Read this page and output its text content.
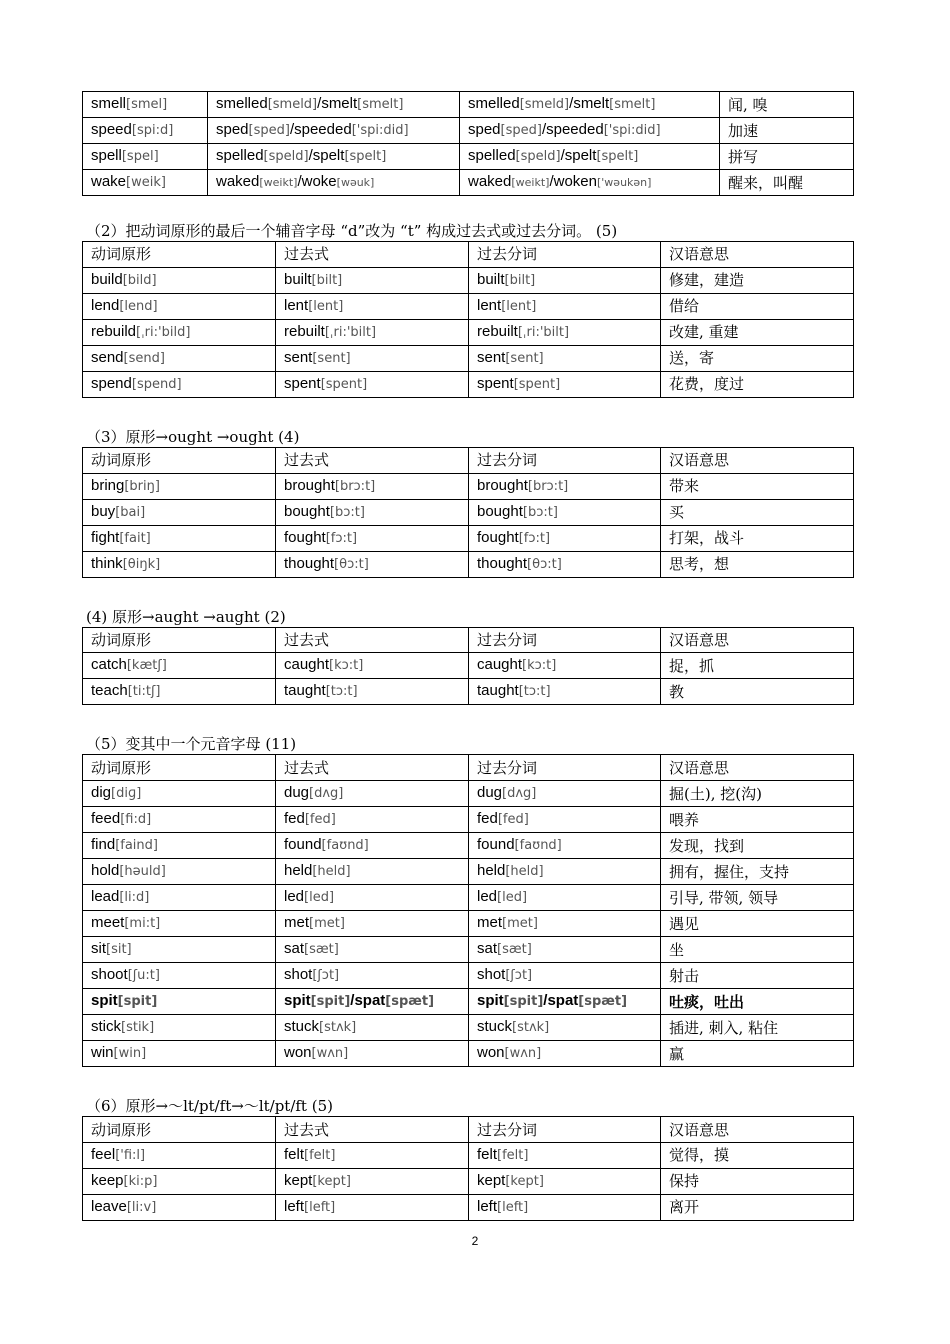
smell[smel]	smelled[smeld]/smelt[smelt]	smelled[smeld]/smelt[smelt]	闻, 嗅
speed[spi:d]	sped[sped]/speeded['spi:did]	sped[sped]/speeded['spi:did]	加速
spell[spel]	spelled[speld]/spelt[spelt]	spelled[speld]/spelt[spelt]	拼写
wake[weik]	waked[weikt]/woke[wəuk]	waked[weikt]/woken['wəukən]	醒来，叫醒

（2）把动词原形的最后一个辅音字母 “d”改为 “t” 构成过去式或过去分词。 (5)

动词原形	过去式	过去分词	汉语意思
build[bild]	built[bilt]	built[bilt]	修建，建造
lend[lend]	lent[lent]	lent[lent]	借给
rebuild[ˌri:'bild]	rebuilt[ˌri:'bilt]	rebuilt[ˌri:'bilt]	改建, 重建
send[send]	sent[sent]	sent[sent]	送，寄
spend[spend]	spent[spent]	spent[spent]	花费，度过

（3）原形→ought →ought (4)

动词原形	过去式	过去分词	汉语意思
bring[briŋ]	brought[brɔ:t]	brought[brɔ:t]	带来
buy[bai]	bought[bɔ:t]	bought[bɔ:t]	买
fight[fait]	fought[fɔ:t]	fought[fɔ:t]	打架，战斗
think[θiŋk]	thought[θɔ:t]	thought[θɔ:t]	思考，想

(4) 原形→aught →aught (2)

动词原形	过去式	过去分词	汉语意思
catch[kætʃ]	caught[kɔ:t]	caught[kɔ:t]	捉，抓
teach[ti:tʃ]	taught[tɔ:t]	taught[tɔ:t]	教

（5）变其中一个元音字母 (11)

动词原形	过去式	过去分词	汉语意思
dig[diɡ]	dug[dʌg]	dug[dʌg]	掘(土), 挖(沟)
feed[fi:d]	fed[fed]	fed[fed]	喂养
find[faind]	found[faʊnd]	found[faʊnd]	发现，找到
hold[həuld]	held[held]	held[held]	拥有，握住，支持
lead[li:d]	led[led]	led[led]	引导, 带领, 领导
meet[mi:t]	met[met]	met[met]	遇见
sit[sit]	sat[sæt]	sat[sæt]	坐
shoot[ʃu:t]	shot[ʃɔt]	shot[ʃɔt]	射击
spit[spit]	spit[spit]/spat[spæt]	spit[spit]/spat[spæt]	吐痰，吐出
stick[stik]	stuck[stʌk]	stuck[stʌk]	插进, 刺入, 粘住
win[win]	won[wʌn]	won[wʌn]	赢

（6）原形→～lt/pt/ft→～lt/pt/ft (5)

动词原形	过去式	过去分词	汉语意思
feel['fi:l]	felt[felt]	felt[felt]	觉得，摸
keep[ki:p]	kept[kept]	kept[kept]	保持
leave[li:v]	left[left]	left[left]	离开
2
